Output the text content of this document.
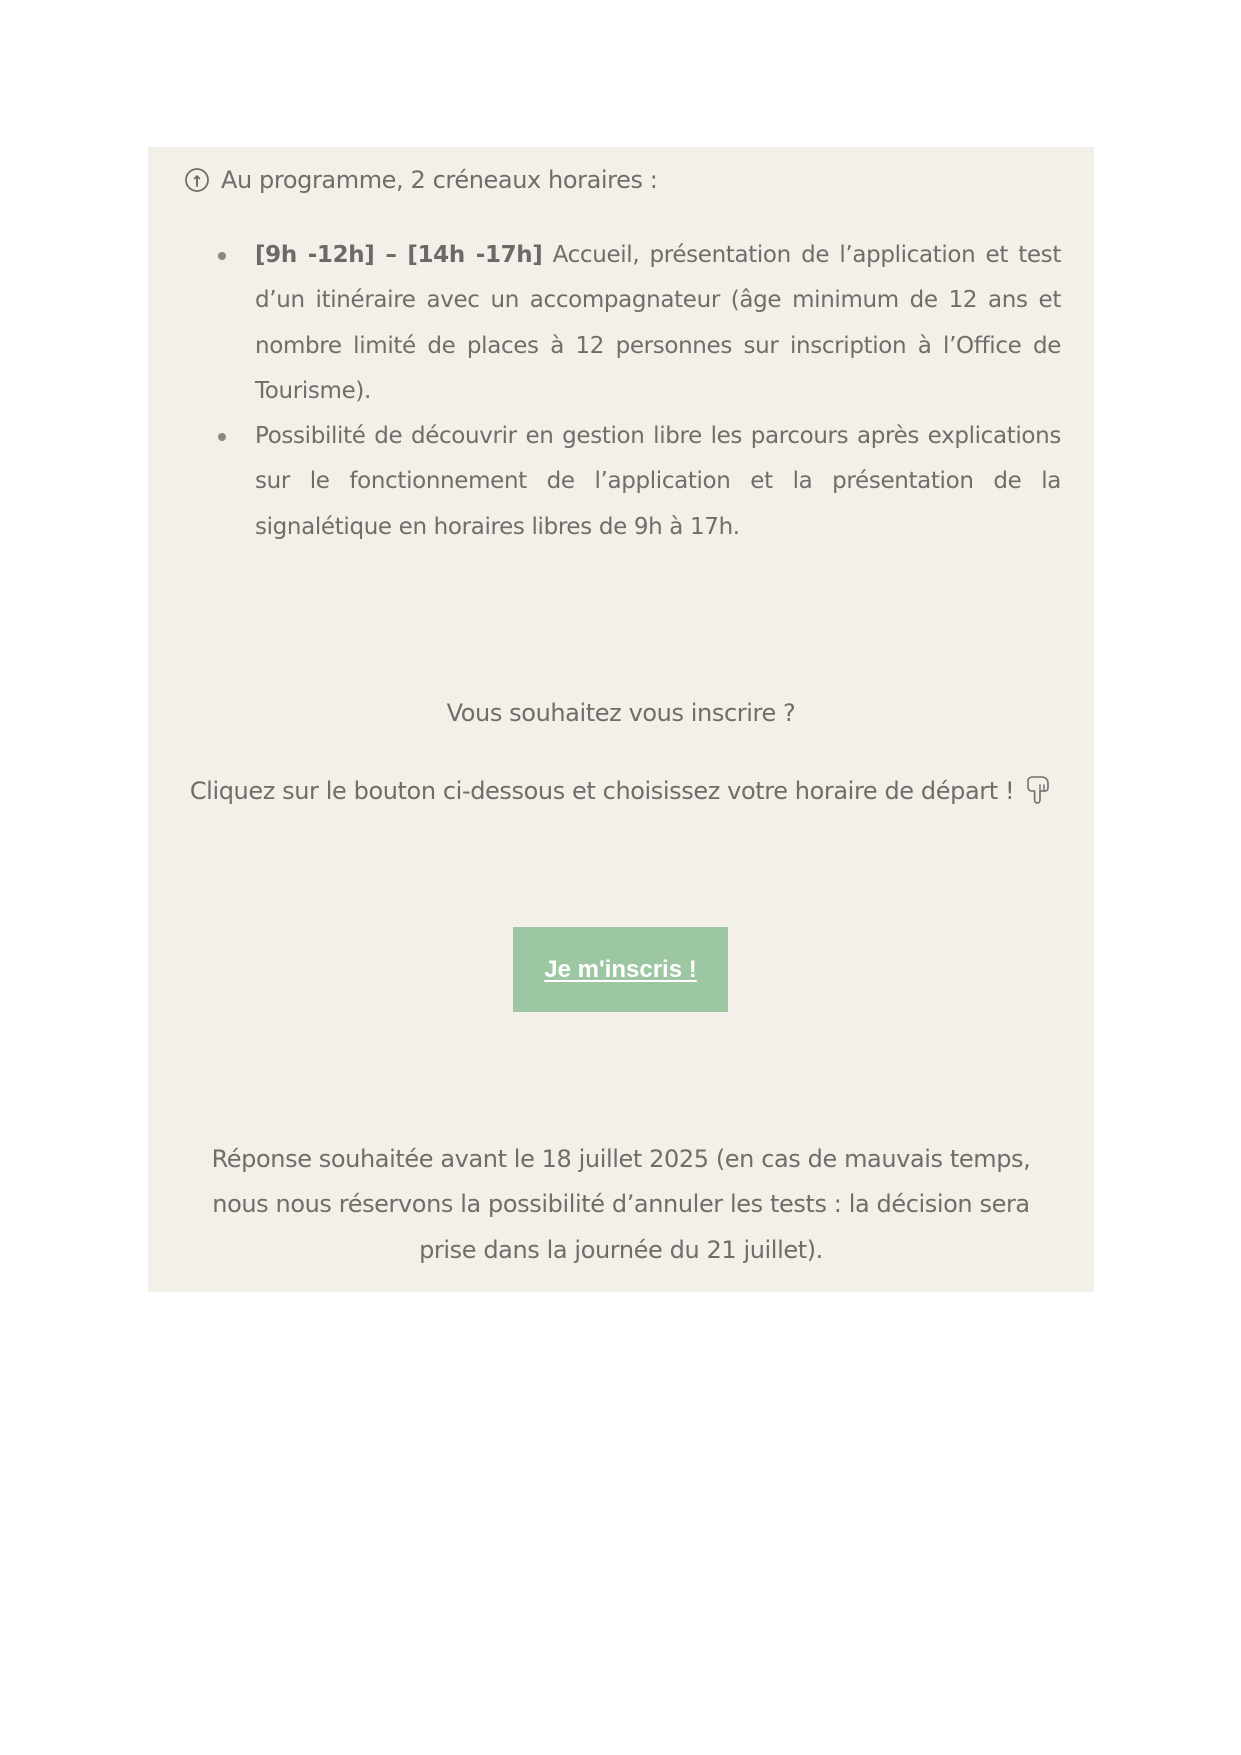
Au programme, 2 créneaux horaires :
[9h -12h] – [14h -17h] Accueil, présentation de l’application et test d’un itinéraire avec un accompagnateur (âge minimum de 12 ans et nombre limité de places à 12 personnes sur inscription à l’Office de Tourisme).
Possibilité de découvrir en gestion libre les parcours après explications sur le fonctionnement de l’application et la présentation de la signalétique en horaires libres de 9h à 17h.
Vous souhaitez vous inscrire ?
Cliquez sur le bouton ci-dessous et choisissez votre horaire de départ !
Je m'inscris !
Réponse souhaitée avant le 18 juillet 2025 (en cas de mauvais temps, nous nous réservons la possibilité d’annuler les tests : la décision sera prise dans la journée du 21 juillet).
